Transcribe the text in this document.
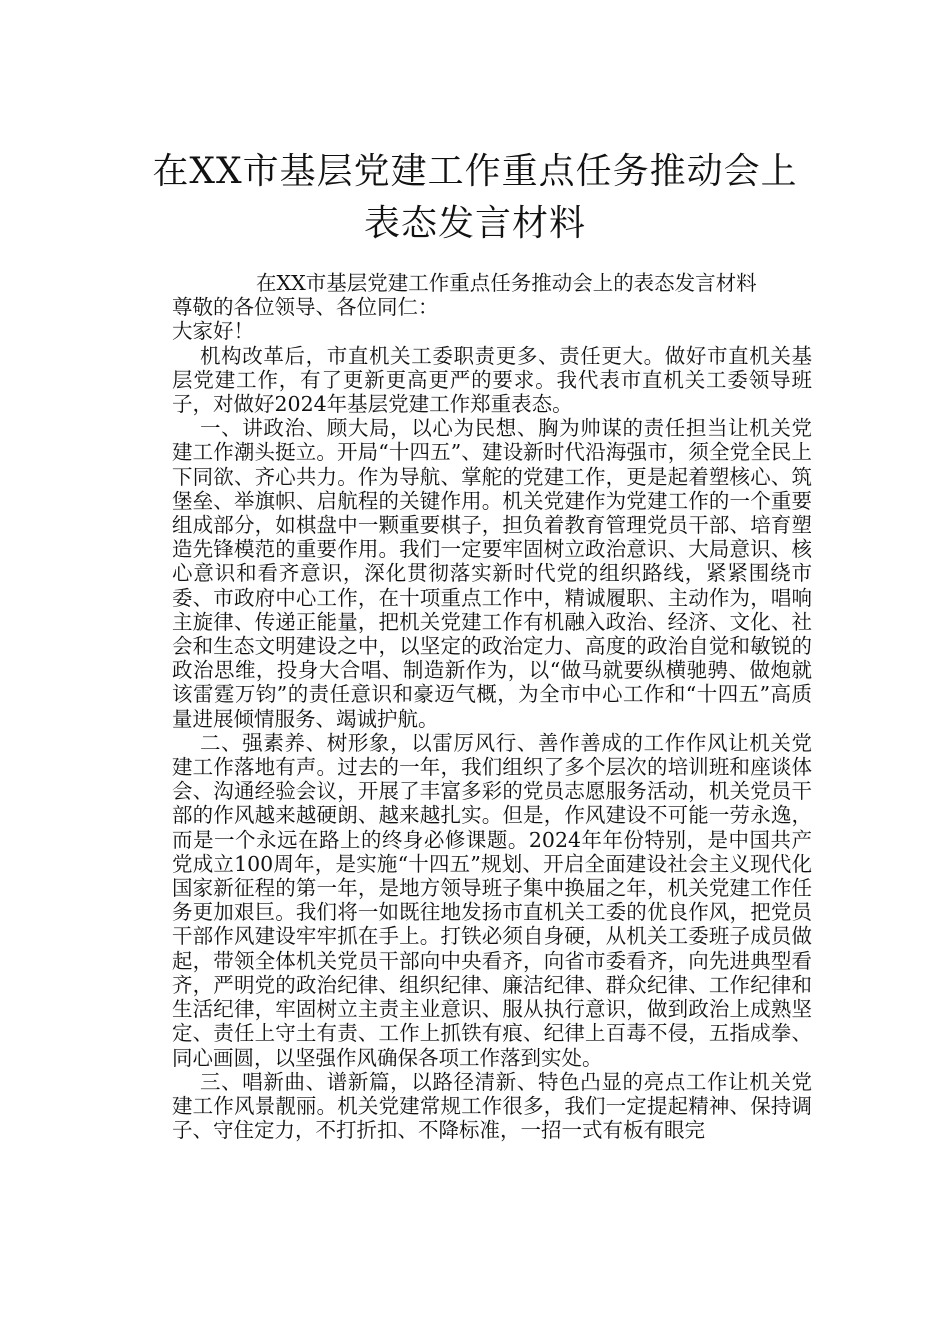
在XX市基层党建工作重点任务推动会上表态发言材料

在XX市基层党建工作重点任务推动会上的表态发言材料

尊敬的各位领导、各位同仁：

大家好！

机构改革后，市直机关工委职责更多、责任更大。做好市直机关基层党建工作，有了更新更高更严的要求。我代表市直机关工委领导班子，对做好2024年基层党建工作郑重表态。

一、讲政治、顾大局，以心为民想、胸为帅谋的责任担当让机关党建工作潮头挺立。开局“十四五”、建设新时代沿海强市，须全党全民上下同欲、齐心共力。作为导航、掌舵的党建工作，更是起着塑核心、筑堡垒、举旗帜、启航程的关键作用。机关党建作为党建工作的一个重要组成部分，如棋盘中一颗重要棋子，担负着教育管理党员干部、培育塑造先锋模范的重要作用。我们一定要牢固树立政治意识、大局意识、核心意识和看齐意识，深化贯彻落实新时代党的组织路线，紧紧围绕市委、市政府中心工作，在十项重点工作中，精诚履职、主动作为，唱响主旋律、传递正能量，把机关党建工作有机融入政治、经济、文化、社会和生态文明建设之中，以坚定的政治定力、高度的政治自觉和敏锐的政治思维，投身大合唱、制造新作为，以“做马就要纵横驰骋、做炮就该雷霆万钧”的责任意识和豪迈气概，为全市中心工作和“十四五”高质量进展倾情服务、竭诚护航。

二、强素养、树形象，以雷厉风行、善作善成的工作作风让机关党建工作落地有声。过去的一年，我们组织了多个层次的培训班和座谈体会、沟通经验会议，开展了丰富多彩的党员志愿服务活动，机关党员干部的作风越来越硬朗、越来越扎实。但是，作风建设不可能一劳永逸，而是一个永远在路上的终身必修课题。2024年年份特别，是中国共产党成立100周年，是实施“十四五”规划、开启全面建设社会主义现代化国家新征程的第一年，是地方领导班子集中换届之年，机关党建工作任务更加艰巨。我们将一如既往地发扬市直机关工委的优良作风，把党员干部作风建设牢牢抓在手上。打铁必须自身硬，从机关工委班子成员做起，带领全体机关党员干部向中央看齐，向省市委看齐，向先进典型看齐，严明党的政治纪律、组织纪律、廉洁纪律、群众纪律、工作纪律和生活纪律，牢固树立主责主业意识、服从执行意识，做到政治上成熟坚定、责任上守土有责、工作上抓铁有痕、纪律上百毒不侵，五指成拳、同心画圆，以坚强作风确保各项工作落到实处。

三、唱新曲、谱新篇，以路径清新、特色凸显的亮点工作让机关党建工作风景靓丽。机关党建常规工作很多，我们一定提起精神、保持调子、守住定力，不打折扣、不降标准，一招一式有板有眼完
